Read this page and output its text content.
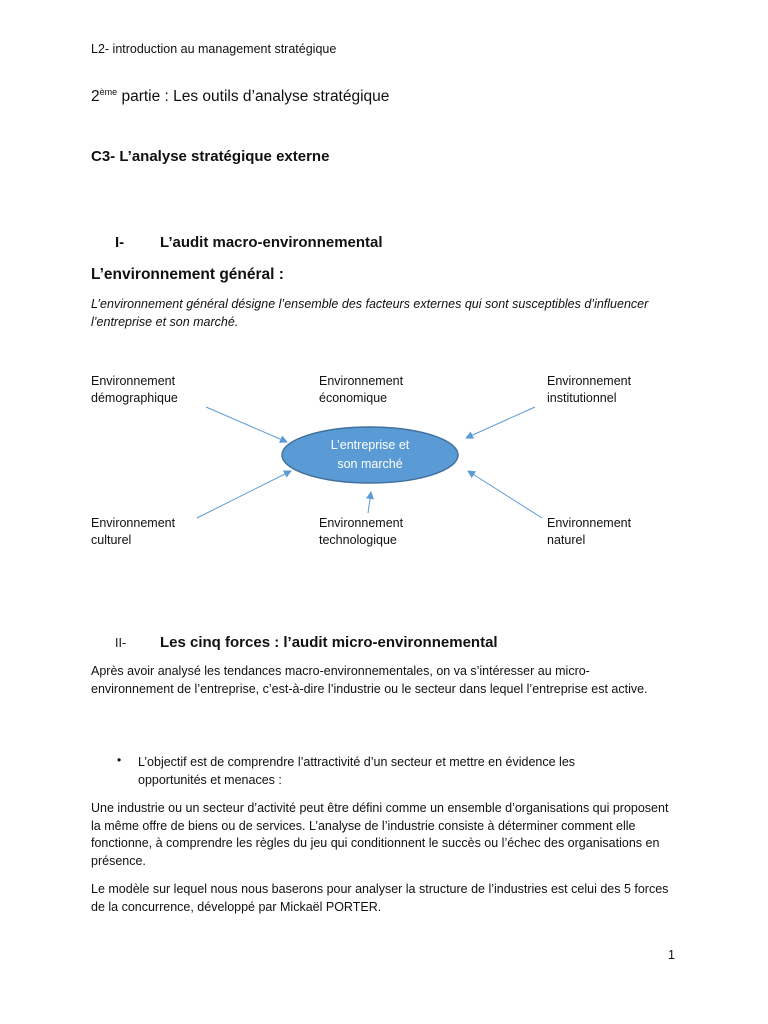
L2- introduction au management stratégique
2ème partie : Les outils d’analyse stratégique
C3- L’analyse stratégique externe
I- L’audit macro-environnemental
L’environnement général :
L’environnement général désigne l’ensemble des facteurs externes qui sont susceptibles d’influencer l’entreprise et son marché.
L’entreprise et
son marché
Environnement
démographique
Environnement
économique
Environnement
institutionnel
Environnement
culturel
Environnement
technologique
Environnement
naturel
II- Les cinq forces : l’audit micro-environnemental
Après avoir analysé les tendances macro-environnementales, on va s’intéresser au micro-environnement de l’entreprise, c’est-à-dire l’industrie ou le secteur dans lequel l’entreprise est active.
• L’objectif est de comprendre l’attractivité d’un secteur et mettre en évidence les opportunités et menaces :
Une industrie ou un secteur d’activité peut être défini comme un ensemble d’organisations qui proposent la même offre de biens ou de services. L’analyse de l’industrie consiste à déterminer comment elle fonctionne, à comprendre les règles du jeu qui conditionnent le succès ou l’échec des organisations en présence.
Le modèle sur lequel nous nous baserons pour analyser la structure de l’industries est celui des 5 forces de la concurrence, développé par Mickaël PORTER.
1
